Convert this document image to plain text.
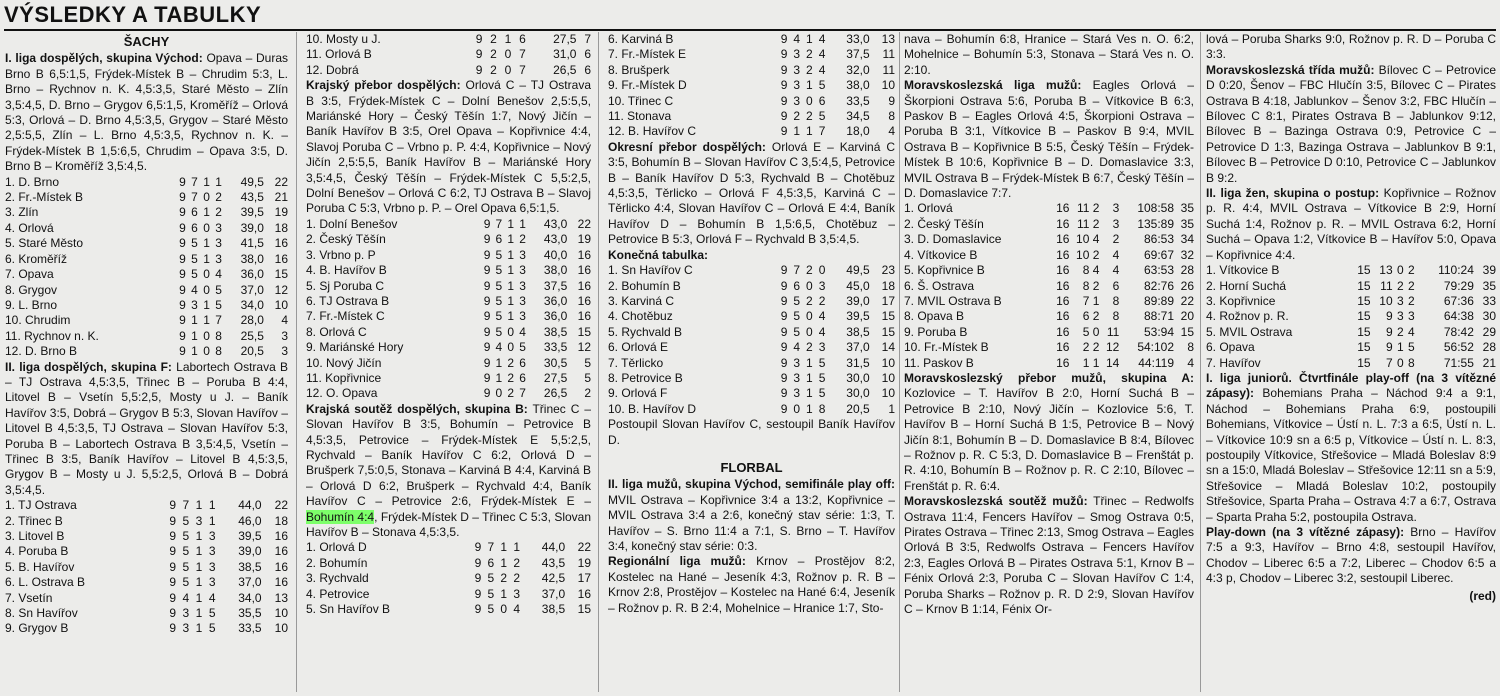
VÝSLEDKY A TABULKY
ŠACHY

I. liga dospělých, skupina Východ: Opava – Duras Brno B 6,5:1,5, Frýdek-Místek B – Chrudim 5:3, L. Brno – Rychnov n. K. 4,5:3,5, Staré Město – Zlín 3,5:4,5, D. Brno – Grygov 6,5:1,5, Kroměříž – Orlová 5:3, Orlová – D. Brno 4,5:3,5, Grygov – Staré Město 2,5:5,5, Zlín – L. Brno 4,5:3,5, Rychnov n. K. – Frýdek-Místek B 1,5:6,5, Chrudim – Opava 3:5, D. Brno B – Kroměříž 3,5:4,5.

1. D. Brno	9	7	1	1	49,5	22
2. Fr.-Místek B	9	7	0	2	43,5	21
3. Zlín	9	6	1	2	39,5	19
4. Orlová	9	6	0	3	39,0	18
5. Staré Město	9	5	1	3	41,5	16
6. Kroměříž	9	5	1	3	38,0	16
7. Opava	9	5	0	4	36,0	15
8. Grygov	9	4	0	5	37,0	12
9. L. Brno	9	3	1	5	34,0	10
10. Chrudim	9	1	1	7	28,0	4
11. Rychnov n. K.	9	1	0	8	25,5	3
12. D. Brno B	9	1	0	8	20,5	3

II. liga dospělých, skupina F: Labortech Ostrava B – TJ Ostrava 4,5:3,5, Třinec B – Poruba B 4:4, Litovel B – Vsetín 5,5:2,5, Mosty u J. – Baník Havířov 3:5, Dobrá – Grygov B 5:3, Slovan Havířov – Litovel B 4,5:3,5, TJ Ostrava – Slovan Havířov 5:3, Poruba B – Labortech Ostrava B 3,5:4,5, Vsetín – Třinec B 3:5, Baník Havířov – Litovel B 4,5:3,5, Grygov B – Mosty u J. 5,5:2,5, Orlová B – Dobrá 3,5:4,5.

1. TJ Ostrava	9	7	1	1	44,0	22
2. Třinec B	9	5	3	1	46,0	18
3. Litovel B	9	5	1	3	39,5	16
4. Poruba B	9	5	1	3	39,0	16
5. B. Havířov	9	5	1	3	38,5	16
6. L. Ostrava B	9	5	1	3	37,0	16
7. Vsetín	9	4	1	4	34,0	13
8. Sn Havířov	9	3	1	5	35,5	10
9. Grygov B	9	3	1	5	33,5	10
10. Mosty u J.	9	2	1	6	27,5	7
11. Orlová B	9	2	0	7	31,0	6
12. Dobrá	9	2	0	7	26,5	6

Krajský přebor dospělých: Orlová C – TJ Ostrava B 3:5, Frýdek-Místek C – Dolní Benešov 2,5:5,5, Mariánské Hory – Český Těšín 1:7, Nový Jičín – Baník Havířov B 3:5, Orel Opava – Kopřivnice 4:4, Slavoj Poruba C – Vrbno p. P. 4:4, Kopřivnice – Nový Jičín 2,5:5,5, Baník Havířov B – Mariánské Hory 3,5:4,5, Český Těšín – Frýdek-Místek C 5,5:2,5, Dolní Benešov – Orlová C 6:2, TJ Ostrava B – Slavoj Poruba C 5:3, Vrbno p. P. – Orel Opava 6,5:1,5.

1. Dolní Benešov	9	7	1	1	43,0	22
2. Český Těšín	9	6	1	2	43,0	19
3. Vrbno p. P	9	5	1	3	40,0	16
4. B. Havířov B	9	5	1	3	38,0	16
5. Sj Poruba C	9	5	1	3	37,5	16
6. TJ Ostrava B	9	5	1	3	36,0	16
7. Fr.-Místek C	9	5	1	3	36,0	16
8. Orlová C	9	5	0	4	38,5	15
9. Mariánské Hory	9	4	0	5	33,5	12
10. Nový Jičín	9	1	2	6	30,5	5
11. Kopřivnice	9	1	2	6	27,5	5
12. O. Opava	9	0	2	7	26,5	2

Krajská soutěž dospělých, skupina B: Třinec C – Slovan Havířov B 3:5, Bohumín – Petrovice B 4,5:3,5, Petrovice – Frýdek-Místek E 5,5:2,5, Rychvald – Baník Havířov C 6:2, Orlová D – Brušperk 7,5:0,5, Stonava – Karviná B 4:4, Karviná B – Orlová D 6:2, Brušperk – Rychvald 4:4, Baník Havířov C – Petrovice 2:6, Frýdek-Místek E – Bohumín 4:4, Frýdek-Místek D – Třinec C 5:3, Slovan Havířov B – Stonava 4,5:3,5.

1. Orlová D	9	7	1	1	44,0	22
2. Bohumín	9	6	1	2	43,5	19
3. Rychvald	9	5	2	2	42,5	17
4. Petrovice	9	5	1	3	37,0	16
5. Sn Havířov B	9	5	0	4	38,5	15
6. Karviná B	9	4	1	4	33,0	13
7. Fr.-Místek E	9	3	2	4	37,5	11
8. Brušperk	9	3	2	4	32,0	11
9. Fr.-Místek D	9	3	1	5	38,0	10
10. Třinec C	9	3	0	6	33,5	9
11. Stonava	9	2	2	5	34,5	8
12. B. Havířov C	9	1	1	7	18,0	4

Okresní přebor dospělých: Orlová E – Karviná C 3:5, Bohumín B – Slovan Havířov C 3,5:4,5, Petrovice B – Baník Havířov D 5:3, Rychvald B – Chotěbuz 4,5:3,5, Těrlicko – Orlová F 4,5:3,5, Karviná C – Těrlicko 4:4, Slovan Havířov C – Orlová E 4:4, Baník Havířov D – Bohumín B 1,5:6,5, Chotěbuz – Petrovice B 5:3, Orlová F – Rychvald B 3,5:4,5.

Konečná tabulka:

1. Sn Havířov C	9	7	2	0	49,5	23
2. Bohumín B	9	6	0	3	45,0	18
3. Karviná C	9	5	2	2	39,0	17
4. Chotěbuz	9	5	0	4	39,5	15
5. Rychvald B	9	5	0	4	38,5	15
6. Orlová E	9	4	2	3	37,0	14
7. Těrlicko	9	3	1	5	31,5	10
8. Petrovice B	9	3	1	5	30,0	10
9. Orlová F	9	3	1	5	30,0	10
10. B. Havířov D	9	0	1	8	20,5	1

Postoupil Slovan Havířov C, sestoupil Baník Havířov D.

FLORBAL

II. liga mužů, skupina Východ, semifinále play off: MVIL Ostrava – Kopřivnice 3:4 a 13:2, Kopřivnice – MVIL Ostrava 3:4 a 2:6, konečný stav série: 1:3, T. Havířov – S. Brno 11:4 a 7:1, S. Brno – T. Havířov 3:4, konečný stav série: 0:3.

Regionální liga mužů: Krnov – Prostějov 8:2, Kostelec na Hané – Jeseník 4:3, Rožnov p. R. B – Krnov 2:8, Prostějov – Kostelec na Hané 6:4, Jeseník – Rožnov p. R. B 2:4, Mohelnice – Hranice 1:7, Sto-

nava – Bohumín 6:8, Hranice – Stará Ves n. O. 6:2, Mohelnice – Bohumín 5:3, Stonava – Stará Ves n. O. 2:10.

Moravskoslezská liga mužů: Eagles Orlová – Škorpioni Ostrava 5:6, Poruba B – Vítkovice B 6:3, Paskov B – Eagles Orlová 4:5, Škorpioni Ostrava – Poruba B 3:1, Vítkovice B – Paskov B 9:4, MVIL Ostrava B – Kopřivnice B 5:5, Český Těšín – Frýdek-Místek B 10:6, Kopřivnice B – D. Domaslavice 3:3, MVIL Ostrava B – Frýdek-Místek B 6:7, Český Těšín – D. Domaslavice 7:7.

1. Orlová	16	11	2	3	108:58	35
2. Český Těšín	16	11	2	3	135:89	35
3. D. Domaslavice	16	10	4	2	86:53	34
4. Vítkovice B	16	10	2	4	69:67	32
5. Kopřivnice B	16	8	4	4	63:53	28
6. Š. Ostrava	16	8	2	6	82:76	26
7. MVIL Ostrava B	16	7	1	8	89:89	22
8. Opava B	16	6	2	8	88:71	20
9. Poruba B	16	5	0	11	53:94	15
10. Fr.-Místek B	16	2	2	12	54:102	8
11. Paskov B	16	1	1	14	44:119	4

Moravskoslezský přebor mužů, skupina A: Kozlovice – T. Havířov B 2:0, Horní Suchá B – Petrovice B 2:10, Nový Jičín – Kozlovice 5:6, T. Havířov B – Horní Suchá B 1:5, Petrovice B – Nový Jičín 8:1, Bohumín B – D. Domaslavice B 8:4, Bílovec – Rožnov p. R. C 5:3, D. Domaslavice B – Frenštát p. R. 4:10, Bohumín B – Rožnov p. R. C 2:10, Bílovec – Frenštát p. R. 6:4.

Moravskoslezská soutěž mužů: Třinec – Redwolfs Ostrava 11:4, Fencers Havířov – Smog Ostrava 0:5, Pirates Ostrava – Třinec 2:13, Smog Ostrava – Eagles Orlová B 3:5, Redwolfs Ostrava – Fencers Havířov 2:3, Eagles Orlová B – Pirates Ostrava 5:1, Krnov B – Fénix Orlová 2:3, Poruba C – Slovan Havířov C 1:4, Poruba Sharks – Rožnov p. R. D 2:9, Slovan Havířov C – Krnov B 1:14, Fénix Or-

lová – Poruba Sharks 9:0, Rožnov p. R. D – Poruba C 3:3.

Moravskoslezská třída mužů: Bílovec C – Petrovice D 0:20, Šenov – FBC Hlučín 3:5, Bílovec C – Pirates Ostrava B 4:18, Jablunkov – Šenov 3:2, FBC Hlučín – Bílovec C 8:1, Pirates Ostrava B – Jablunkov 9:12, Bílovec B – Bazinga Ostrava 0:9, Petrovice C – Petrovice D 1:3, Bazinga Ostrava – Jablunkov B 9:1, Bílovec B – Petrovice D 0:10, Petrovice C – Jablunkov B 9:2.

II. liga žen, skupina o postup: Kopřivnice – Rožnov p. R. 4:4, MVIL Ostrava – Vítkovice B 2:9, Horní Suchá 1:4, Rožnov p. R. – MVIL Ostrava 6:2, Horní Suchá – Opava 1:2, Vítkovice B – Havířov 5:0, Opava – Kopřivnice 4:4.

1. Vítkovice B	15	13	0	2	110:24	39
2. Horní Suchá	15	11	2	2	79:29	35
3. Kopřivnice	15	10	3	2	67:36	33
4. Rožnov p. R.	15	9	3	3	64:38	30
5. MVIL Ostrava	15	9	2	4	78:42	29
6. Opava	15	9	1	5	56:52	28
7. Havířov	15	7	0	8	71:55	21

I. liga juniorů. Čtvrtfinále play-off (na 3 vítězné zápasy): Bohemians Praha – Náchod 9:4 a 9:1, Náchod – Bohemians Praha 6:9, postoupili Bohemians, Vítkovice – Ústí n. L. 7:3 a 6:5, Ústí n. L. – Vítkovice 10:9 sn a 6:5 p, Vítkovice – Ústí n. L. 8:3, postoupily Vítkovice, Střešovice – Mladá Boleslav 8:9 sn a 15:0, Mladá Boleslav – Střešovice 12:11 sn a 5:9, Střešovice – Mladá Boleslav 10:2, postoupily Střešovice, Sparta Praha – Ostrava 4:7 a 6:7, Ostrava – Sparta Praha 5:2, postoupila Ostrava.

Play-down (na 3 vítězné zápasy): Brno – Havířov 7:5 a 9:3, Havířov – Brno 4:8, sestoupil Havířov, Chodov – Liberec 6:5 a 7:2, Liberec – Chodov 6:5 a 4:3 p, Chodov – Liberec 3:2, sestoupil Liberec.

(red)
